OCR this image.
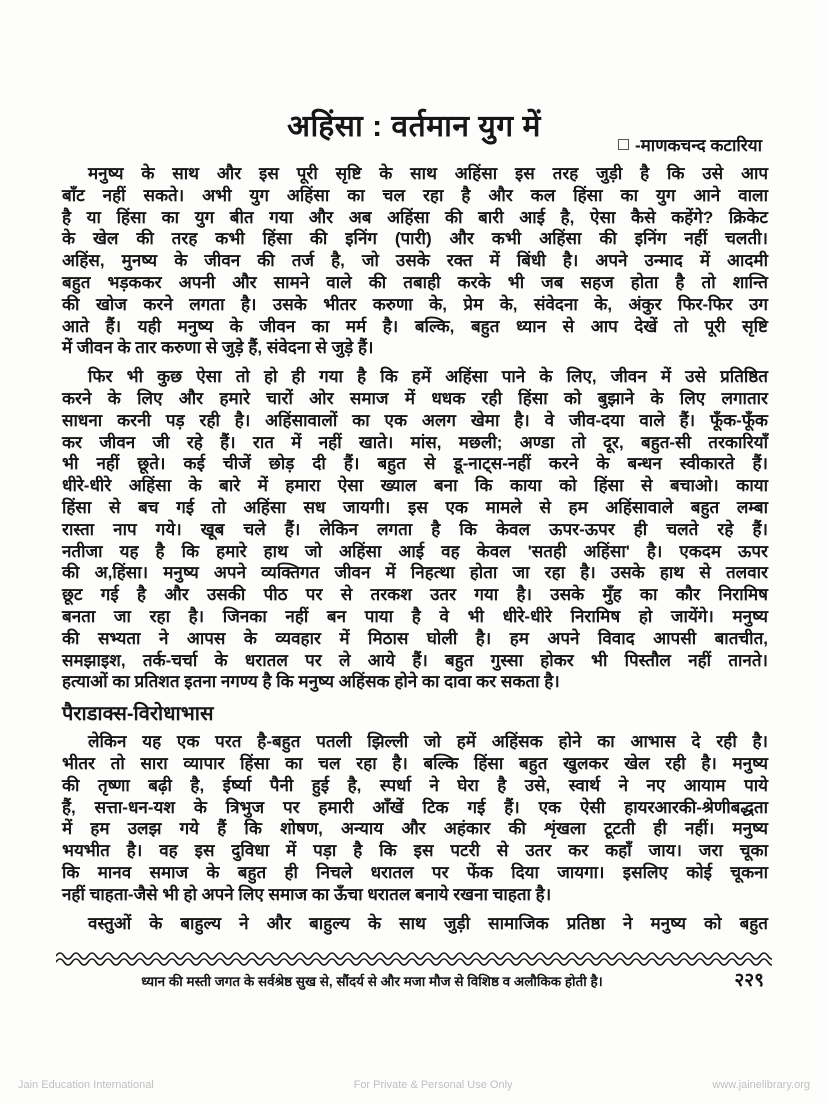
अहिंसा : वर्तमान युग में
-माणकचन्द कटारिया
मनुष्य के साथ और इस पूरी सृष्टि के साथ अहिंसा इस तरह जुड़ी है कि उसे आप
बाँट नहीं सकते। अभी युग अहिंसा का चल रहा है और कल हिंसा का युग आने वाला
है या हिंसा का युग बीत गया और अब अहिंसा की बारी आई है, ऐसा कैसे कहेंगे? क्रिकेट
के खेल की तरह कभी हिंसा की इनिंग (पारी) और कभी अहिंसा की इनिंग नहीं चलती।
अहिंस, मुनष्य के जीवन की तर्ज है, जो उसके रक्त में बिंधी है। अपने उन्माद में आदमी
बहुत भड़ककर अपनी और सामने वाले की तबाही करके भी जब सहज होता है तो शान्ति
की खोज करने लगता है। उसके भीतर करुणा के, प्रेम के, संवेदना के, अंकुर फिर-फिर उग
आते हैं। यही मनुष्य के जीवन का मर्म है। बल्कि, बहुत ध्यान से आप देखें तो पूरी सृष्टि
में जीवन के तार करुणा से जुड़े हैं, संवेदना से जुड़े हैं।
फिर भी कुछ ऐसा तो हो ही गया है कि हमें अहिंसा पाने के लिए, जीवन में उसे प्रतिष्ठित
करने के लिए और हमारे चारों ओर समाज में धधक रही हिंसा को बुझाने के लिए लगातार
साधना करनी पड़ रही है। अहिंसावालों का एक अलग खेमा है। वे जीव-दया वाले हैं। फूँक-फूँक
कर जीवन जी रहे हैं। रात में नहीं खाते। मांस, मछली; अण्डा तो दूर, बहुत-सी तरकारियाँ
भी नहीं छूते। कई चीजें छोड़ दी हैं। बहुत से डू-नाट्स-नहीं करने के बन्धन स्वीकारते हैं।
धीरे-धीरे अहिंसा के बारे में हमारा ऐसा ख्याल बना कि काया को हिंसा से बचाओ। काया
हिंसा से बच गई तो अहिंसा सध जायगी। इस एक मामले से हम अहिंसावाले बहुत लम्बा
रास्ता नाप गये। खूब चले हैं। लेकिन लगता है कि केवल ऊपर-ऊपर ही चलते रहे हैं।
नतीजा यह है कि हमारे हाथ जो अहिंसा आई वह केवल 'सतही अहिंसा' है। एकदम ऊपर
की अ,हिंसा। मनुष्य अपने व्यक्तिगत जीवन में निहत्था होता जा रहा है। उसके हाथ से तलवार
छूट गई है और उसकी पीठ पर से तरकश उतर गया है। उसके मुँह का कौर निरामिष
बनता जा रहा है। जिनका नहीं बन पाया है वे भी धीरे-धीरे निरामिष हो जायेंगे। मनुष्य
की सभ्यता ने आपस के व्यवहार में मिठास घोली है। हम अपने विवाद आपसी बातचीत,
समझाइश, तर्क-चर्चा के धरातल पर ले आये हैं। बहुत गुस्सा होकर भी पिस्तौल नहीं तानते।
हत्याओं का प्रतिशत इतना नगण्य है कि मनुष्य अहिंसक होने का दावा कर सकता है।
पैराडाक्स-विरोधाभास
लेकिन यह एक परत है-बहुत पतली झिल्ली जो हमें अहिंसक होने का आभास दे रही है।
भीतर तो सारा व्यापार हिंसा का चल रहा है। बल्कि हिंसा बहुत खुलकर खेल रही है। मनुष्य
की तृष्णा बढ़ी है, ईर्ष्या पैनी हुई है, स्पर्धा ने घेरा है उसे, स्वार्थ ने नए आयाम पाये
हैं, सत्ता-धन-यश के त्रिभुज पर हमारी आँखें टिक गई हैं। एक ऐसी हायरआरकी-श्रेणीबद्धता
में हम उलझ गये हैं कि शोषण, अन्याय और अहंकार की शृंखला टूटती ही नहीं। मनुष्य
भयभीत है। वह इस दुविधा में पड़ा है कि इस पटरी से उतर कर कहाँ जाय। जरा चूका
कि मानव समाज के बहुत ही निचले धरातल पर फेंक दिया जायगा। इसलिए कोई चूकना
नहीं चाहता-जैसे भी हो अपने लिए समाज का ऊँचा धरातल बनाये रखना चाहता है।
वस्तुओं के बाहुल्य ने और बाहुल्य के साथ जुड़ी सामाजिक प्रतिष्ठा ने मनुष्य को बहुत
ध्यान की मस्ती जगत के सर्वश्रेष्ठ सुख से, सौंदर्य से और मजा मौज से विशिष्ठ व अलौकिक होती है।	२२९
Jain Education International	For Private & Personal Use Only	www.jainelibrary.org
